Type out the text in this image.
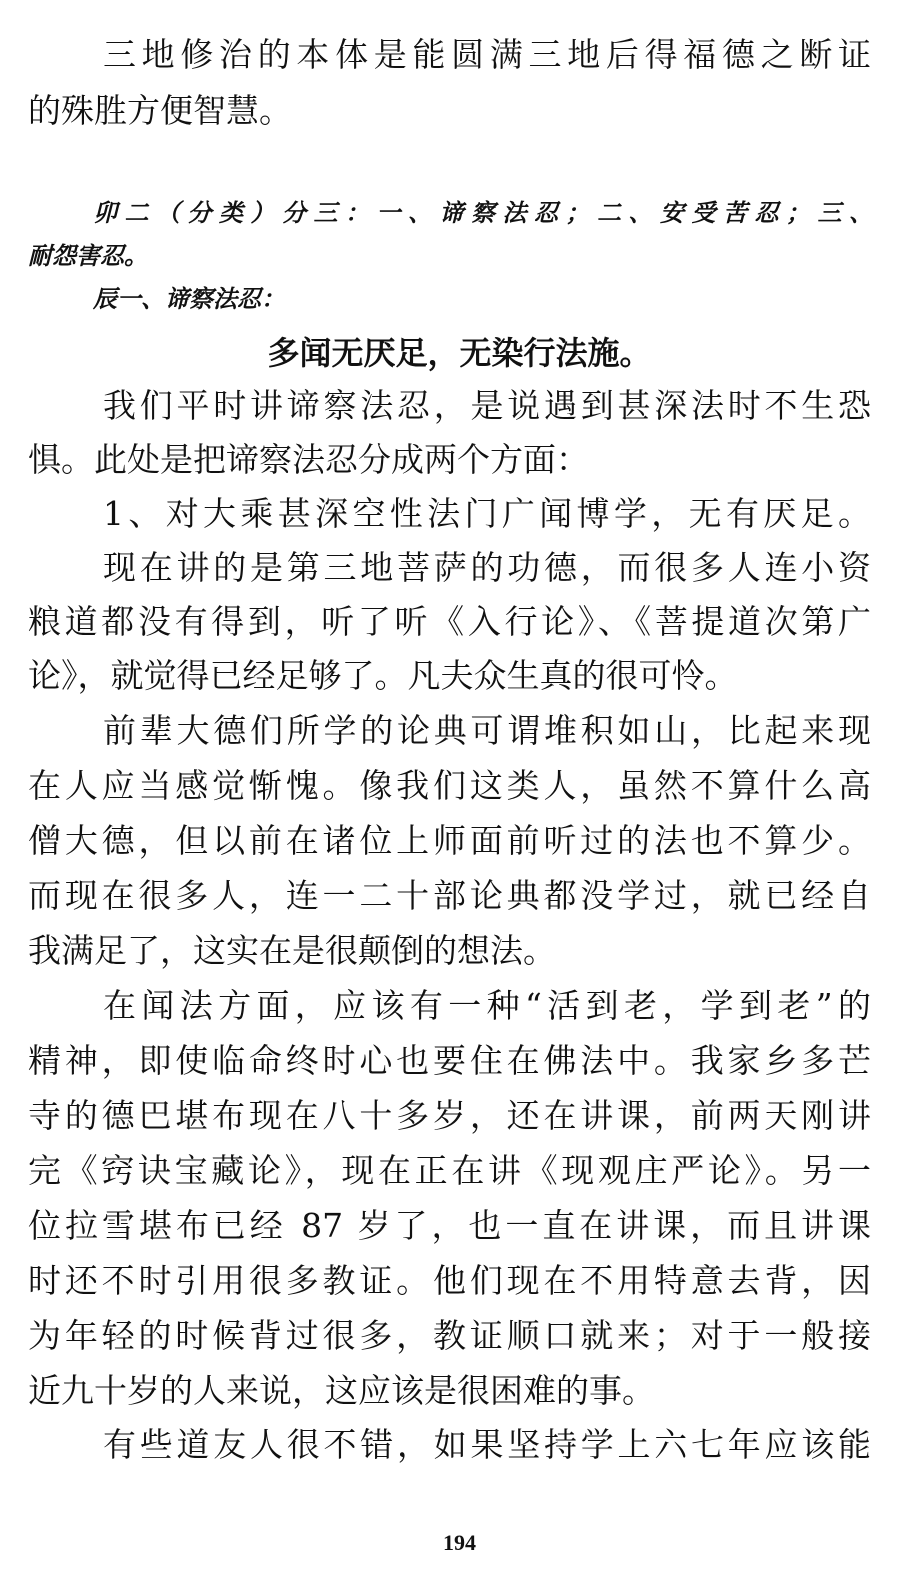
三地修治的本体是能圆满三地后得福德之断证
的殊胜方便智慧。
卯二（分类）分三：一、谛察法忍；二、安受苦忍；三、
耐怨害忍。
辰一、谛察法忍：
多闻无厌足，无染行法施。
我们平时讲谛察法忍，是说遇到甚深法时不生恐
惧。此处是把谛察法忍分成两个方面：
1、对大乘甚深空性法门广闻博学，无有厌足。
现在讲的是第三地菩萨的功德，而很多人连小资
粮道都没有得到，听了听《入行论》、《菩提道次第广
论》，就觉得已经足够了。凡夫众生真的很可怜。
前辈大德们所学的论典可谓堆积如山，比起来现
在人应当感觉惭愧。像我们这类人，虽然不算什么高
僧大德，但以前在诸位上师面前听过的法也不算少。
而现在很多人，连一二十部论典都没学过，就已经自
我满足了，这实在是很颠倒的想法。
在闻法方面，应该有一种“活到老，学到老”的
精神，即使临命终时心也要住在佛法中。我家乡多芒
寺的德巴堪布现在八十多岁，还在讲课，前两天刚讲
完《窍诀宝藏论》，现在正在讲《现观庄严论》。另一
位拉雪堪布已经 87 岁了，也一直在讲课，而且讲课
时还不时引用很多教证。他们现在不用特意去背，因
为年轻的时候背过很多，教证顺口就来；对于一般接
近九十岁的人来说，这应该是很困难的事。
有些道友人很不错，如果坚持学上六七年应该能
194
